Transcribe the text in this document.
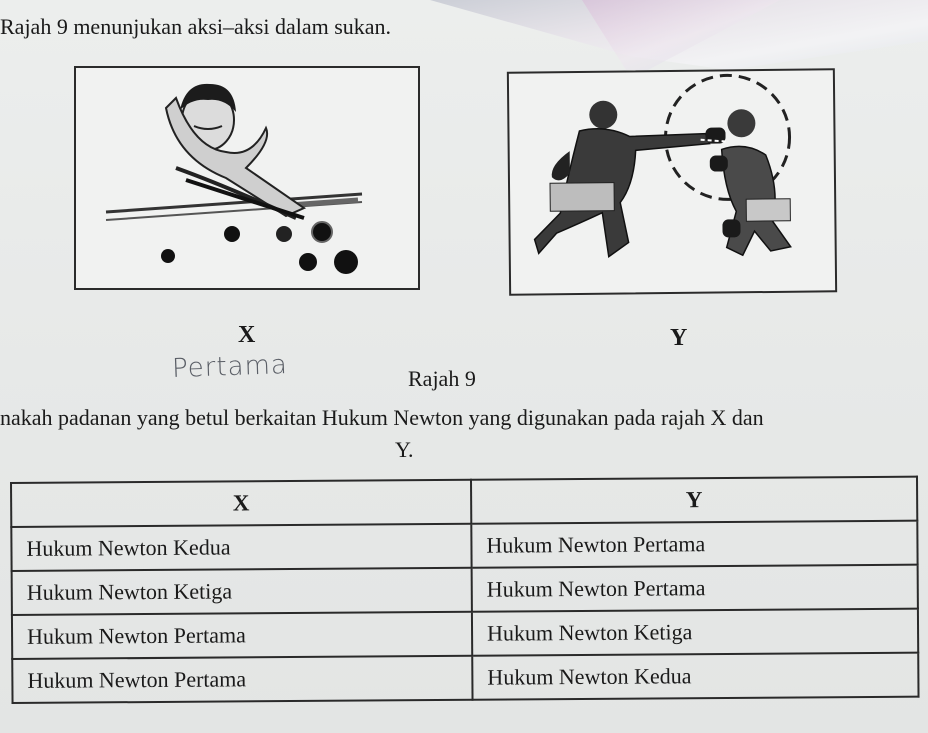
Rajah 9 menunjukan aksi–aksi dalam sukan.
X	Y
Pertama	Rajah 9
nakah padanan yang betul berkaitan Hukum Newton yang digunakan pada rajah X dan
Y.
X	Y
Hukum Newton Kedua	Hukum Newton Pertama
Hukum Newton Ketiga	Hukum Newton Pertama
Hukum Newton Pertama	Hukum Newton Ketiga
Hukum Newton Pertama	Hukum Newton Kedua
